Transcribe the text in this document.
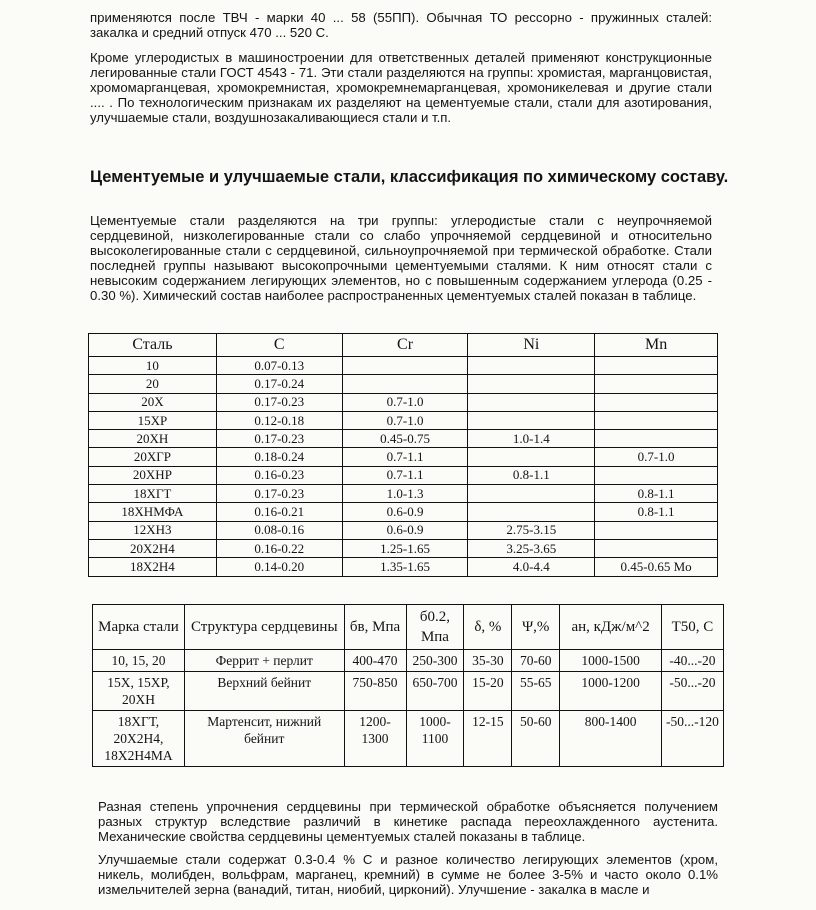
применяются после ТВЧ - марки 40 ... 58 (55ПП). Обычная ТО рессорно - пружинных сталей: закалка и средний отпуск 470 ... 520 С.

Кроме углеродистых в машиностроении для ответственных деталей применяют конструкционные легированные стали ГОСТ 4543 - 71. Эти стали разделяются на группы: хромистая, марганцовистая, хромомарганцевая, хромокремнистая, хромокремнемарганцевая, хромоникелевая и другие стали .... . По технологическим признакам их разделяют на цементуемые стали, стали для азотирования, улучшаемые стали, воздушнозакаливающиеся стали и т.п.

Цементуемые и улучшаемые стали, классификация по химическому составу.

Цементуемые стали разделяются на три группы: углеродистые стали с неупрочняемой сердцевиной, низколегированные стали со слабо упрочняемой сердцевиной и относительно высоколегированные стали с сердцевиной, сильноупрочняемой при термической обработке. Стали последней группы называют высокопрочными цементуемыми сталями. К ним относят стали с невысоким содержанием легирующих элементов, но с повышенным содержанием углерода (0.25 - 0.30 %). Химический состав наиболее распространенных цементуемых сталей показан в таблице.

Сталь	C	Cr	Ni	Mn
10	0.07-0.13			
20	0.17-0.24			
20Х	0.17-0.23	0.7-1.0		
15ХР	0.12-0.18	0.7-1.0		
20ХН	0.17-0.23	0.45-0.75	1.0-1.4	
20ХГР	0.18-0.24	0.7-1.1		0.7-1.0
20ХНР	0.16-0.23	0.7-1.1	0.8-1.1	
18ХГТ	0.17-0.23	1.0-1.3		0.8-1.1
18ХНМФА	0.16-0.21	0.6-0.9		0.8-1.1
12ХН3	0.08-0.16	0.6-0.9	2.75-3.15	
20Х2Н4	0.16-0.22	1.25-1.65	3.25-3.65	
18Х2Н4	0.14-0.20	1.35-1.65	4.0-4.4	0.45-0.65 Mo
Марка стали	Структура сердцевины	бв, Мпа	б0.2, Мпа	δ, %	Ψ,%	ан, кДж/м^2	Т50, С
10, 15, 20	Феррит + перлит	400-470	250-300	35-30	70-60	1000-1500	-40...-20
15Х, 15ХР, 20ХН	Верхний бейнит	750-850	650-700	15-20	55-65	1000-1200	-50...-20
18ХГТ, 20Х2Н4, 18Х2Н4МА	Мартенсит, нижний бейнит	1200-1300	1000-1100	12-15	50-60	800-1400	-50...-120

Разная степень упрочнения сердцевины при термической обработке объясняется получением разных структур вследствие различий в кинетике распада переохлажденного аустенита. Механические свойства сердцевины цементуемых сталей показаны в таблице.

Улучшаемые стали содержат 0.3-0.4 % С и разное количество легирующих элементов (хром, никель, молибден, вольфрам, марганец, кремний) в сумме не более 3-5% и часто около 0.1% измельчителей зерна (ванадий, титан, ниобий, цирконий). Улучшение - закалка в масле и
